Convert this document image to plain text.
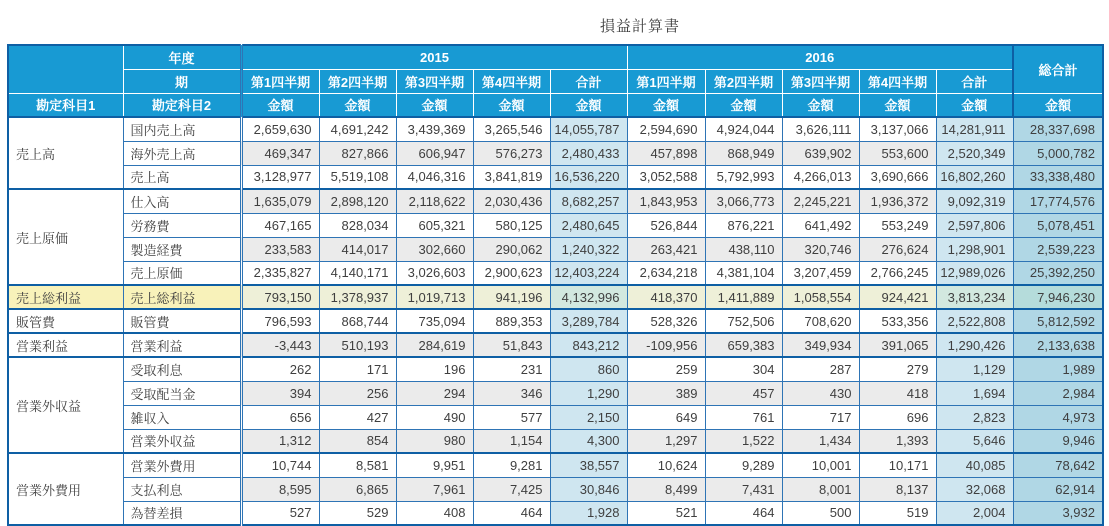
損益計算書
	年度	2015					2016					総合計
	期	第1四半期	第2四半期	第3四半期	第4四半期	合計	第1四半期	第2四半期	第3四半期	第4四半期	合計	
勘定科目1	勘定科目2	金額	金額	金額	金額	金額	金額	金額	金額	金額	金額	金額
売上高	国内売上高	2,659,630	4,691,242	3,439,369	3,265,546	14,055,787	2,594,690	4,924,044	3,626,111	3,137,066	14,281,911	28,337,698
	海外売上高	469,347	827,866	606,947	576,273	2,480,433	457,898	868,949	639,902	553,600	2,520,349	5,000,782
	売上高	3,128,977	5,519,108	4,046,316	3,841,819	16,536,220	3,052,588	5,792,993	4,266,013	3,690,666	16,802,260	33,338,480
売上原価	仕入高	1,635,079	2,898,120	2,118,622	2,030,436	8,682,257	1,843,953	3,066,773	2,245,221	1,936,372	9,092,319	17,774,576
	労務費	467,165	828,034	605,321	580,125	2,480,645	526,844	876,221	641,492	553,249	2,597,806	5,078,451
	製造経費	233,583	414,017	302,660	290,062	1,240,322	263,421	438,110	320,746	276,624	1,298,901	2,539,223
	売上原価	2,335,827	4,140,171	3,026,603	2,900,623	12,403,224	2,634,218	4,381,104	3,207,459	2,766,245	12,989,026	25,392,250
売上総利益	売上総利益	793,150	1,378,937	1,019,713	941,196	4,132,996	418,370	1,411,889	1,058,554	924,421	3,813,234	7,946,230
販管費	販管費	796,593	868,744	735,094	889,353	3,289,784	528,326	752,506	708,620	533,356	2,522,808	5,812,592
営業利益	営業利益	-3,443	510,193	284,619	51,843	843,212	-109,956	659,383	349,934	391,065	1,290,426	2,133,638
営業外収益	受取利息	262	171	196	231	860	259	304	287	279	1,129	1,989
	受取配当金	394	256	294	346	1,290	389	457	430	418	1,694	2,984
	雑収入	656	427	490	577	2,150	649	761	717	696	2,823	4,973
	営業外収益	1,312	854	980	1,154	4,300	1,297	1,522	1,434	1,393	5,646	9,946
営業外費用	営業外費用	10,744	8,581	9,951	9,281	38,557	10,624	9,289	10,001	10,171	40,085	78,642
	支払利息	8,595	6,865	7,961	7,425	30,846	8,499	7,431	8,001	8,137	32,068	62,914
	為替差損	527	529	408	464	1,928	521	464	500	519	2,004	3,932
